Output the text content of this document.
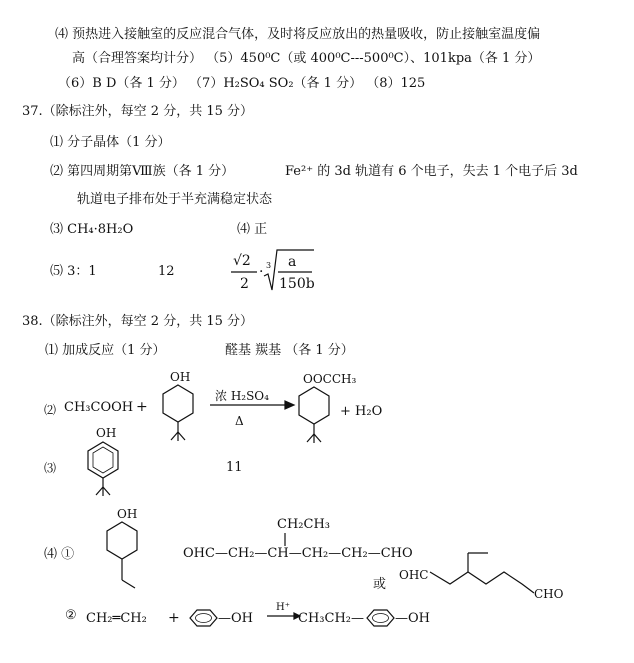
⑷ 预热进入接触室的反应混合气体，及时将反应放出的热量吸收，防止接触室温度偏
高（合理答案均计分） （5）450⁰C（或 400⁰C---500⁰C）、101kpa（各 1 分）
（6）B D（各 1 分） （7）H₂SO₄ SO₂（各 1 分） （8）125
37.（除标注外，每空 2 分，共 15 分）
⑴ 分子晶体（1 分）
⑵ 第四周期第Ⅷ族（各 1 分）	Fe²⁺ 的 3d 轨道有 6 个电子，失去 1 个电子后 3d
轨道电子排布处于半充满稳定状态
⑶ CH₄·8H₂O	⑷ 正
⑸ 3：1	12
√2
2
· 3 a
150b
38.（除标注外，每空 2 分，共 15 分）
⑴ 加成反应（1 分）	醛基 羰基 （各 1 分）
⑵
⑶	11
⑷ ①
②
CH₃COOH +
OH
浓 H₂SO₄
Δ
OOCCH₃
+ H₂O
OH
OH
CH₂CH₃
OHC—CH₂—CH—CH₂—CH₂—CHO
或
OHC
CHO
CH₂═CH₂ +	—OH
H⁺
CH₃CH₂— —OH
